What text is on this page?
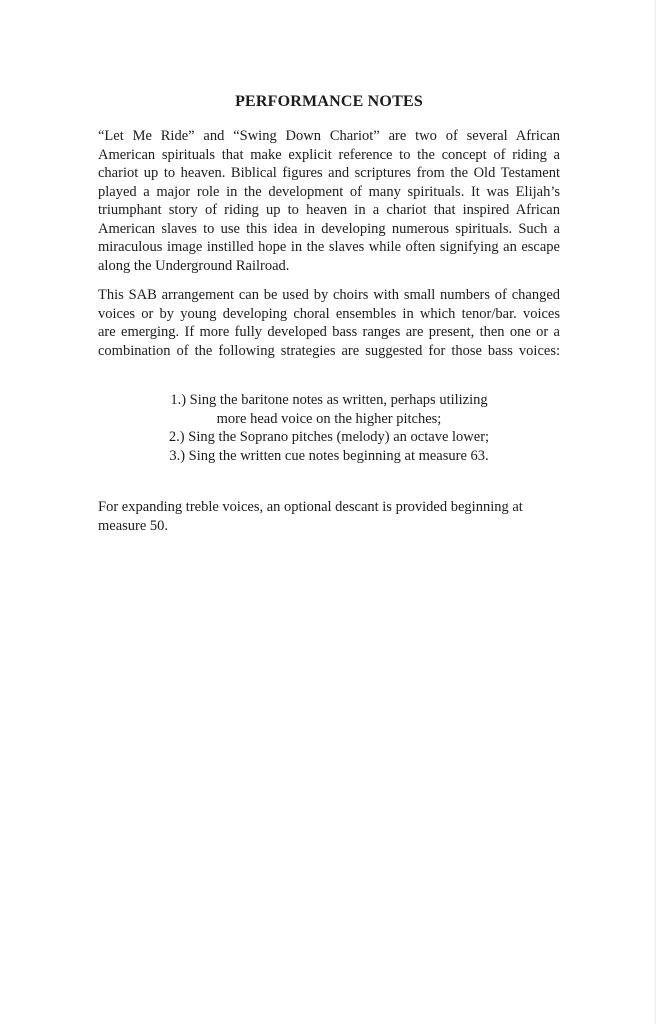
PERFORMANCE NOTES
“Let Me Ride” and “Swing Down Chariot” are two of several African
American spirituals that make explicit reference to the concept of riding a
chariot up to heaven. Biblical figures and scriptures from the Old Testament
played a major role in the development of many spirituals. It was Elijah’s
triumphant story of riding up to heaven in a chariot that inspired African
American slaves to use this idea in developing numerous spirituals. Such a
miraculous image instilled hope in the slaves while often signifying an escape
along the Underground Railroad.
This SAB arrangement can be used by choirs with small numbers of changed
voices or by young developing choral ensembles in which tenor/bar. voices
are emerging. If more fully developed bass ranges are present, then one or a
combination of the following strategies are suggested for those bass voices:
1.) Sing the baritone notes as written, perhaps utilizing
more head voice on the higher pitches;
2.) Sing the Soprano pitches (melody) an octave lower;
3.) Sing the written cue notes beginning at measure 63.
For expanding treble voices, an optional descant is provided beginning at
measure 50.
